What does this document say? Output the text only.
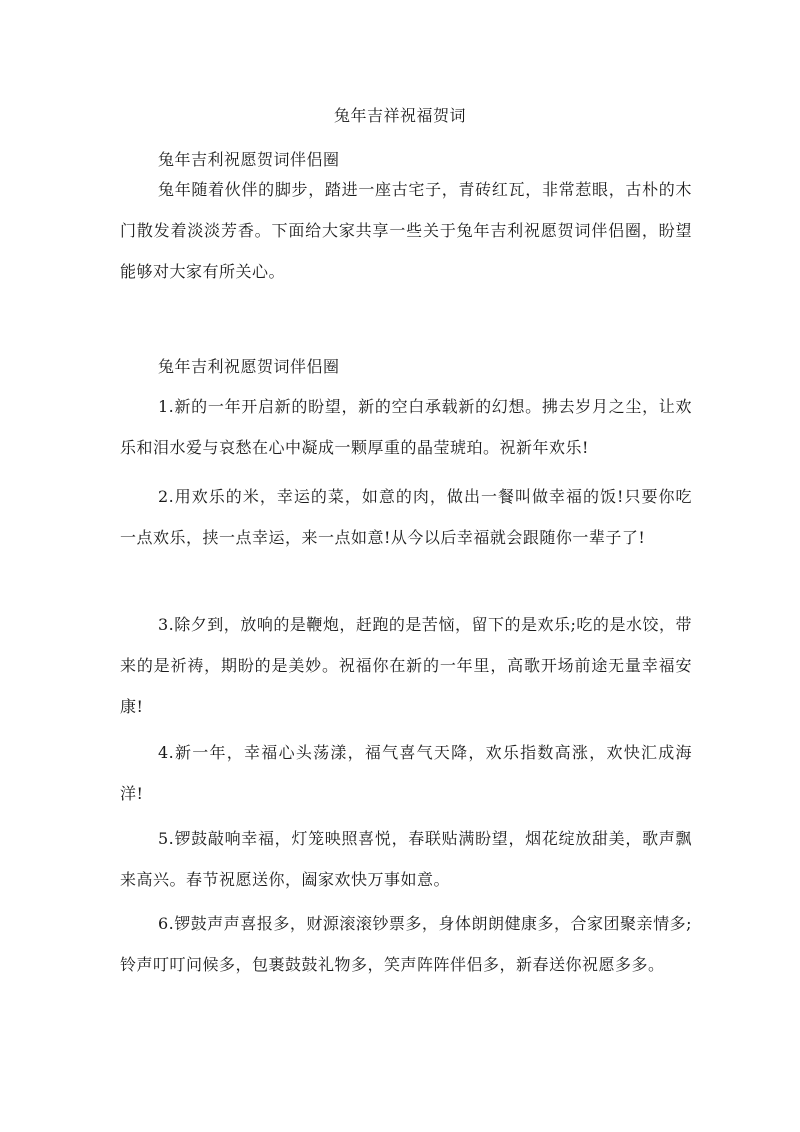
兔年吉祥祝福贺词
兔年吉利祝愿贺词伴侣圈

兔年随着伙伴的脚步，踏进一座古宅子，青砖红瓦，非常惹眼，古朴的木门散发着淡淡芳香。下面给大家共享一些关于兔年吉利祝愿贺词伴侣圈，盼望能够对大家有所关心。

兔年吉利祝愿贺词伴侣圈

1.新的一年开启新的盼望，新的空白承载新的幻想。拂去岁月之尘，让欢乐和泪水爱与哀愁在心中凝成一颗厚重的晶莹琥珀。祝新年欢乐!

2.用欢乐的米，幸运的菜，如意的肉，做出一餐叫做幸福的饭!只要你吃一点欢乐，挟一点幸运，来一点如意!从今以后幸福就会跟随你一辈子了!

3.除夕到，放响的是鞭炮，赶跑的是苦恼，留下的是欢乐;吃的是水饺，带来的是祈祷，期盼的是美妙。祝福你在新的一年里，高歌开场前途无量幸福安康!

4.新一年，幸福心头荡漾，福气喜气天降，欢乐指数高涨，欢快汇成海洋!

5.锣鼓敲响幸福，灯笼映照喜悦，春联贴满盼望，烟花绽放甜美，歌声飘来高兴。春节祝愿送你，阖家欢快万事如意。

6.锣鼓声声喜报多，财源滚滚钞票多，身体朗朗健康多，合家团聚亲情多;铃声叮叮问候多，包裹鼓鼓礼物多，笑声阵阵伴侣多，新春送你祝愿多多。
